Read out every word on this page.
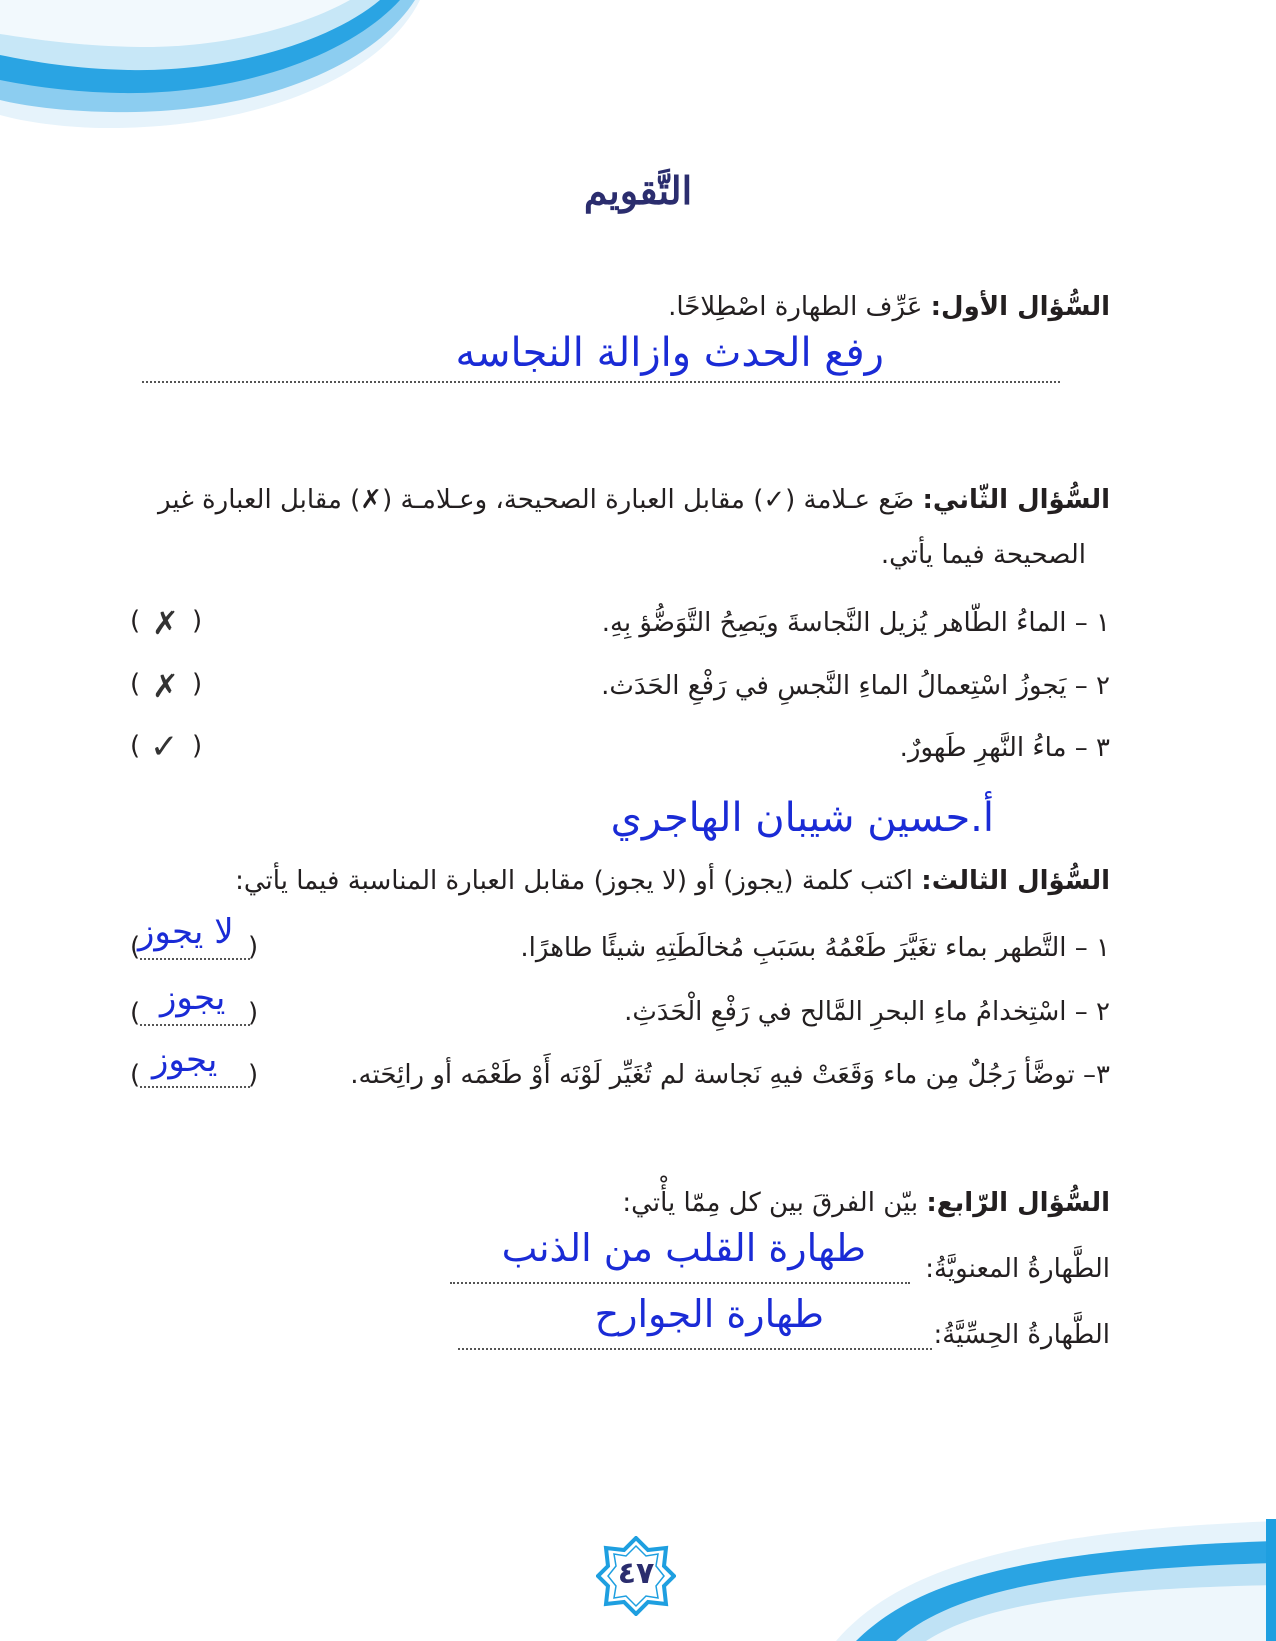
التَّقويم
السُّؤال الأول: عَرِّف الطهارة اصْطِلاحًا.
رفع الحدث وازالة النجاسه
السُّؤال الثّاني: ضَع عـلامة (✓) مقابل العبارة الصحيحة، وعـلامـة (✗) مقابل العبارة غير
الصحيحة فيما يأتي.
١ – الماءُ الطّاهر يُزيل النَّجاسةَ ويَصِحُ التَّوَضُّؤ بِهِ.
( ✗ )
٢ – يَجوزُ اسْتِعمالُ الماءِ النَّجسِ في رَفْعِ الحَدَث.
( ✗ )
٣ – ماءُ النَّهرِ طَهورٌ.
( ✓ )
أ.حسين شيبان الهاجري
السُّؤال الثالث: اكتب كلمة (يجوز) أو (لا يجوز) مقابل العبارة المناسبة فيما يأتي:
١ – التَّطهر بماء تغَيَّرَ طَعْمُهُ بسَبَبِ مُخالَطَتِهِ شيئًا طاهرًا.
(
لا يجوز )
٢ – اسْتِخدامُ ماءِ البحرِ المَّالح في رَفْعِ الْحَدَثِ.
( يجوز )
٣– توضَّأ رَجُلٌ مِن ماء وَقَعَتْ فيهِ نَجاسة لم تُغَيِّر لَوْنَه أَوْ طَعْمَه أو رائِحَته.
( يجوز )
السُّؤال الرّابع: بيّن الفرقَ بين كل مِمّا يأْتي:
الطَّهارةُ المعنويَّةُ:
طهارة القلب من الذنب
الطَّهارةُ الحِسِّيَّةُ:
طهارة الجوارح
٤٧
